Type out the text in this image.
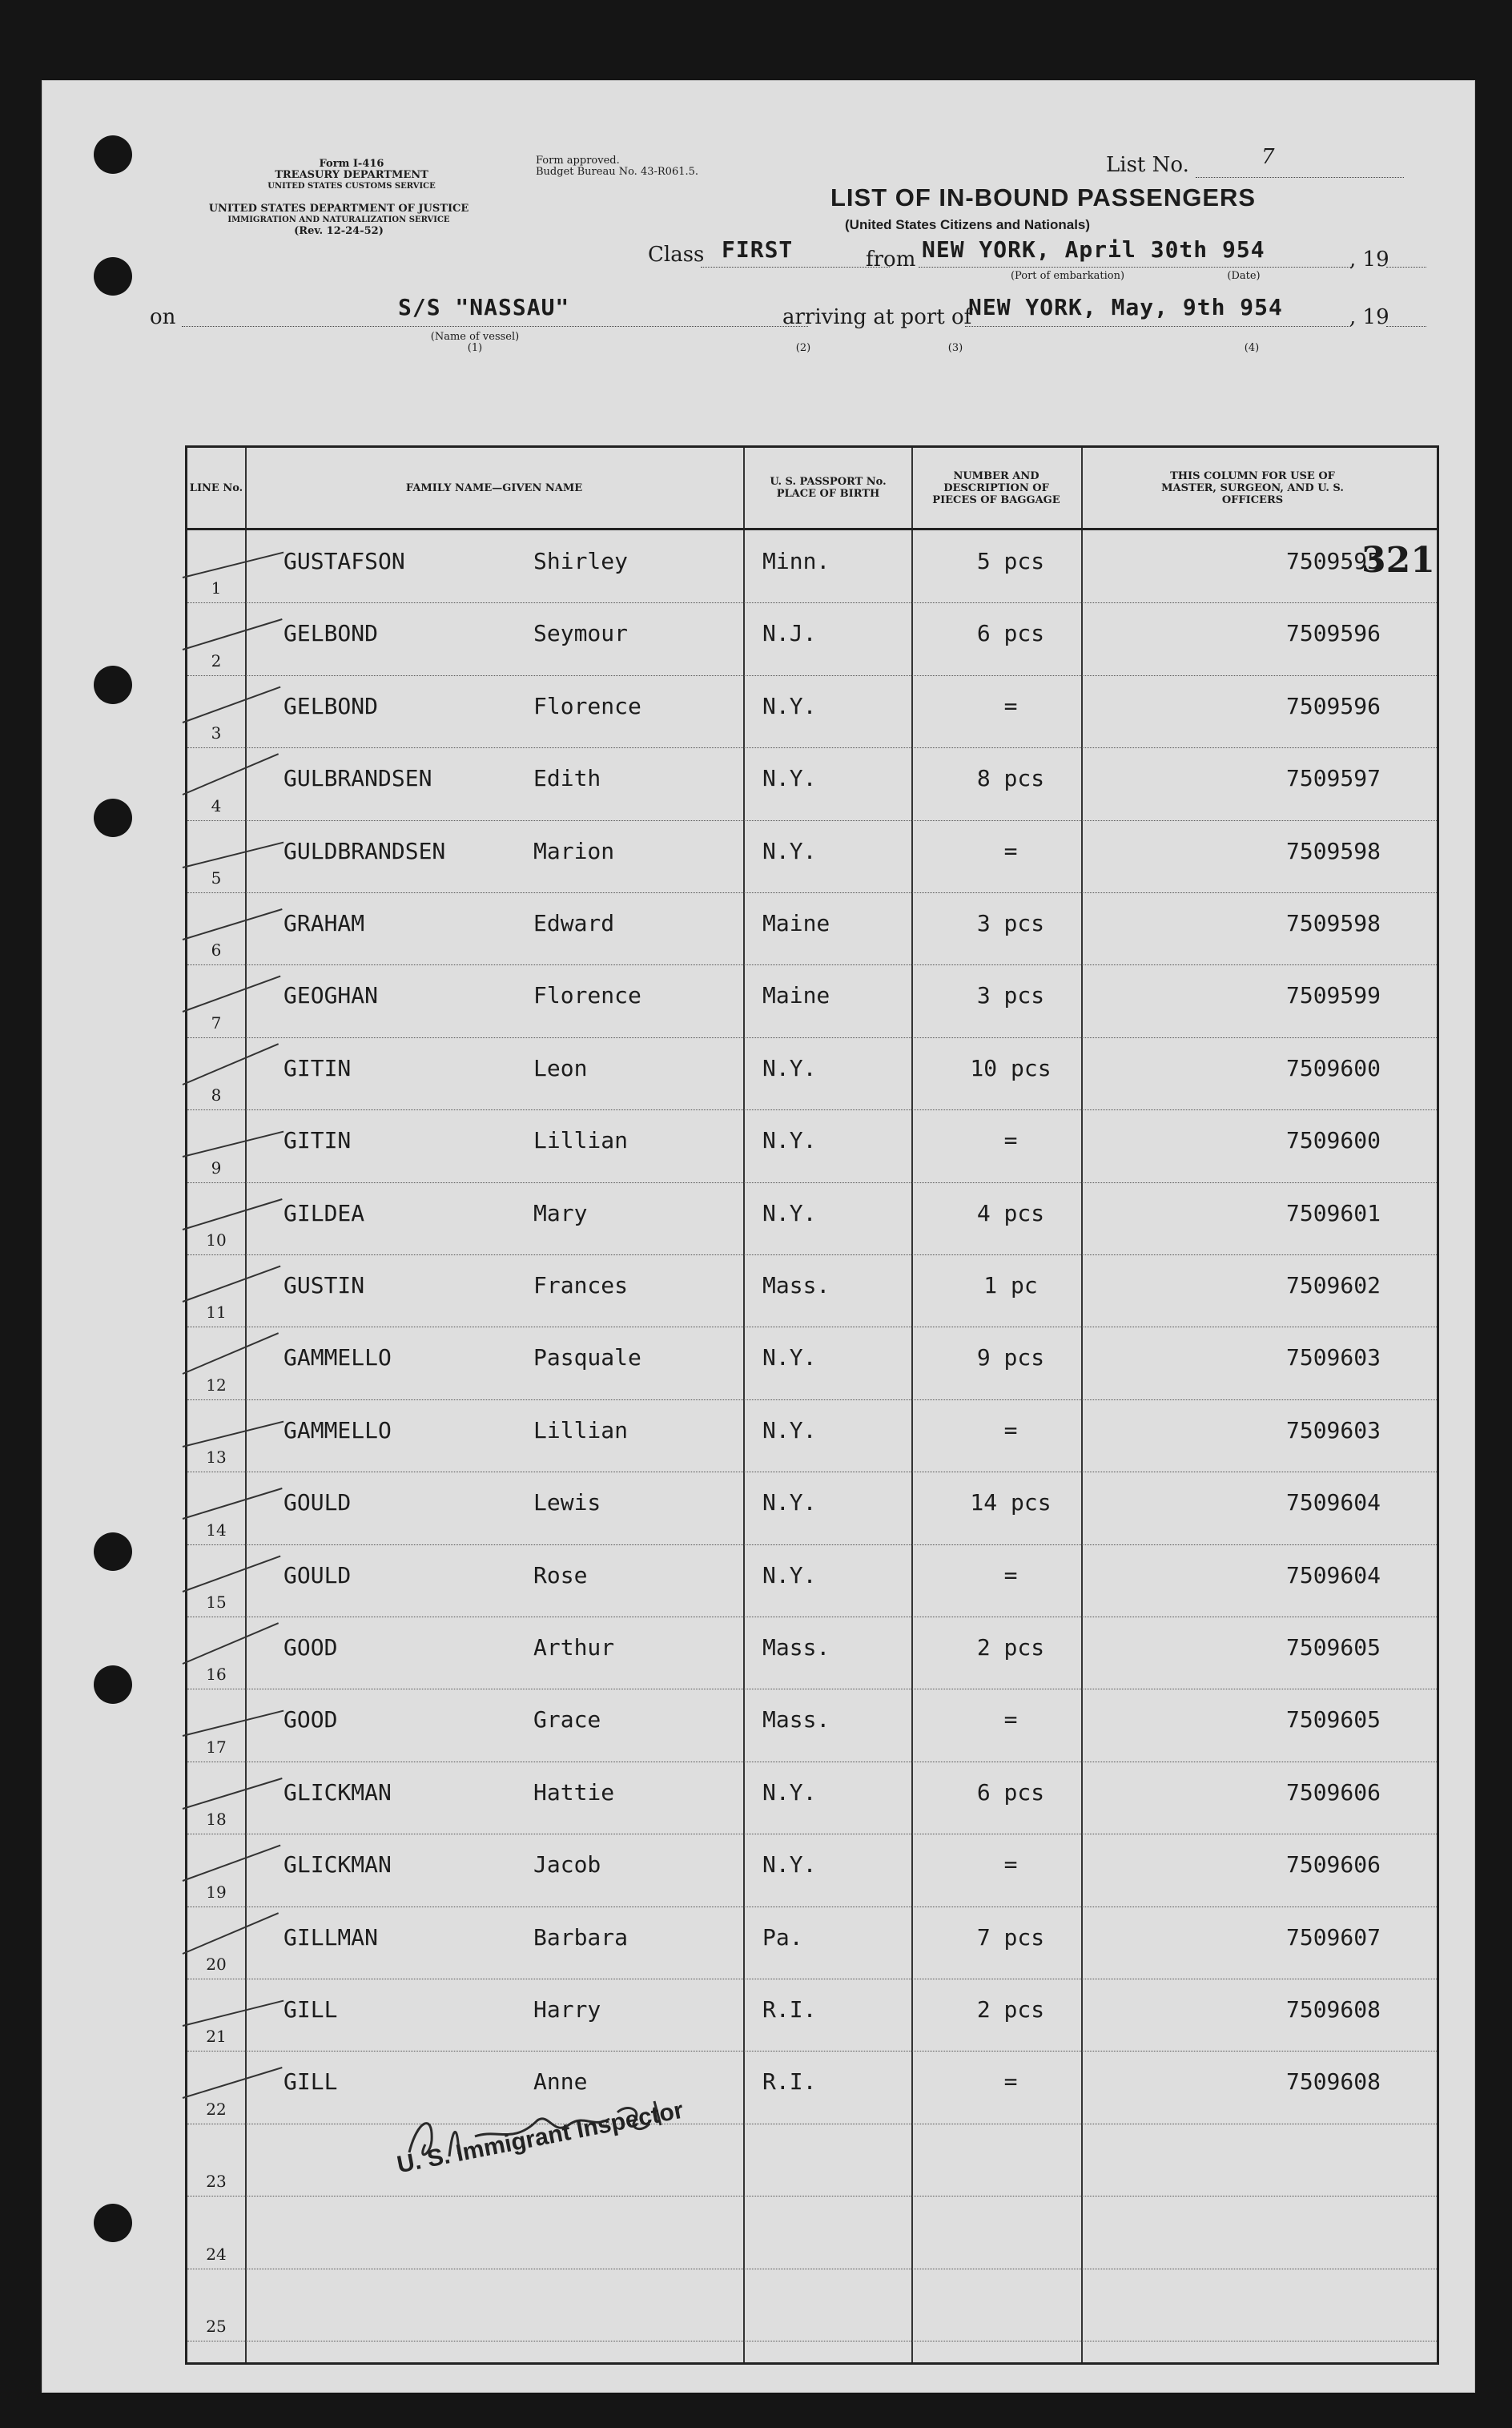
Form I-416
TREASURY DEPARTMENT
UNITED STATES CUSTOMS SERVICE
UNITED STATES DEPARTMENT OF JUSTICE
IMMIGRATION AND NATURALIZATION SERVICE
(Rev. 12-24-52)
Form approved.
Budget Bureau No. 43-R061.5.	List No.	7
LIST OF IN-BOUND PASSENGERS
(United States Citizens and Nationals)
Class FIRST	from NEW YORK, April 30th 954	, 19
(Port of embarkation)	(Date)
on	S/S "NASSAU"
(Name of vessel)
(1)
arriving at port of
NEW YORK, May, 9th 954	, 19
(2)	(3)	(4)
LINE No.	FAMILY NAME—GIVEN NAME	U. S. PASSPORT No. PLACE OF BIRTH
NUMBER AND DESCRIPTION OF PIECES OF BAGGAGE
THIS COLUMN FOR USE OF MASTER, SURGEON, AND U. S. OFFICERS
1
GUSTAFSON	Shirley	Minn.	5 pcs	7509595
2
GELBOND	Seymour	N.J.	6 pcs	7509596
3
GELBOND	Florence	N.Y.	=	7509596
4
GULBRANDSEN	Edith	N.Y.	8 pcs	7509597
5
GULDBRANDSEN	Marion	N.Y.	=	7509598
6
GRAHAM	Edward	Maine	3 pcs	7509598
7
GEOGHAN	Florence	Maine	3 pcs	7509599
8
GITIN	Leon	N.Y.	10 pcs	7509600
9
GITIN	Lillian	N.Y.	=	7509600
10
GILDEA	Mary	N.Y.	4 pcs	7509601
11
GUSTIN	Frances	Mass.	1 pc	7509602
12
GAMMELLO	Pasquale	N.Y.	9 pcs	7509603
13
GAMMELLO	Lillian	N.Y.	=	7509603
14
GOULD	Lewis	N.Y.	14 pcs	7509604
15
GOULD	Rose	N.Y.	=	7509604
16
GOOD	Arthur	Mass.	2 pcs	7509605
17
GOOD	Grace	Mass.	=	7509605
18
GLICKMAN	Hattie	N.Y.	6 pcs	7509606
19
GLICKMAN	Jacob	N.Y.	=	7509606
20
GILLMAN	Barbara	Pa.	7 pcs	7509607
21
GILL	Harry	R.I.	2 pcs	7509608
22
GILL	Anne	R.I.	=	7509608
23
24
25
321
U. S. Immigrant Inspector
